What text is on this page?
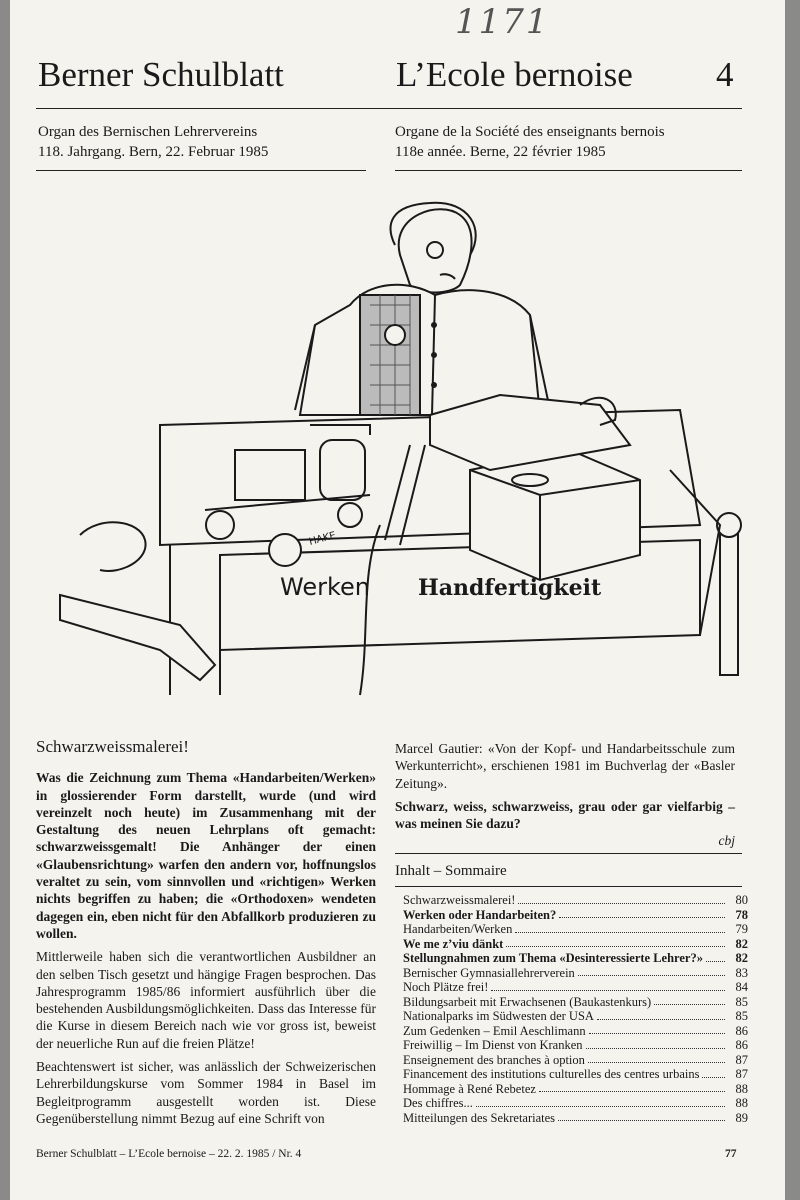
1171
Berner Schulblatt	L’Ecole bernoise 4
Organ des Bernischen Lehrervereins
118. Jahrgang. Bern, 22. Februar 1985
Organe de la Société des enseignants bernois
118e année. Berne, 22 février 1985
Werken Handfertigkeit
HAKE
Schwarzweissmalerei!

Was die Zeichnung zum Thema «Handarbeiten/Werken» in glossierender Form darstellt, wurde (und wird vereinzelt noch heute) im Zusammenhang mit der Gestaltung des neuen Lehrplans oft gemacht: schwarzweissgemalt! Die Anhänger der einen «Glaubensrichtung» warfen den andern vor, hoffnungslos veraltet zu sein, vom sinnvollen und «richtigen» Werken nichts begriffen zu haben; die «Orthodoxen» wendeten dagegen ein, eben nicht für den Abfallkorb produzieren zu wollen.

Mittlerweile haben sich die verantwortlichen Ausbildner an den selben Tisch gesetzt und hängige Fragen besprochen. Das Jahresprogramm 1985/86 informiert ausführlich über die bestehenden Ausbildungsmöglichkeiten. Dass das Interesse für die Kurse in diesem Bereich nach wie vor gross ist, beweist der neuerliche Run auf die freien Plätze!

Beachtenswert ist sicher, was anlässlich der Schweizerischen Lehrerbildungskurse vom Sommer 1984 in Basel im Begleitprogramm ausgestellt worden ist. Diese Gegenüberstellung nimmt Bezug auf eine Schrift von

Marcel Gautier: «Von der Kopf- und Handarbeitsschule zum Werkunterricht», erschienen 1981 im Buchverlag der «Basler Zeitung».

Schwarz, weiss, schwarzweiss, grau oder gar vielfarbig – was meinen Sie dazu?

cbj
Inhalt – Sommaire
Schwarzweissmalerei!	80
Werken oder Handarbeiten?	78
Handarbeiten/Werken	79
We me z’viu dänkt	82
Stellungnahmen zum Thema «Desinteressierte Lehrer?»	82
Bernischer Gymnasiallehrerverein	83
Noch Plätze frei!	84
Bildungsarbeit mit Erwachsenen (Baukastenkurs)	85
Nationalparks im Südwesten der USA	85
Zum Gedenken – Emil Aeschlimann	86
Freiwillig – Im Dienst von Kranken	86
Enseignement des branches à option	87
Financement des institutions culturelles des centres urbains	87
Hommage à René Rebetez	88
Des chiffres...	88
Mitteilungen des Sekretariates	89
Berner Schulblatt – L’Ecole bernoise – 22. 2. 1985 / Nr. 4	77
